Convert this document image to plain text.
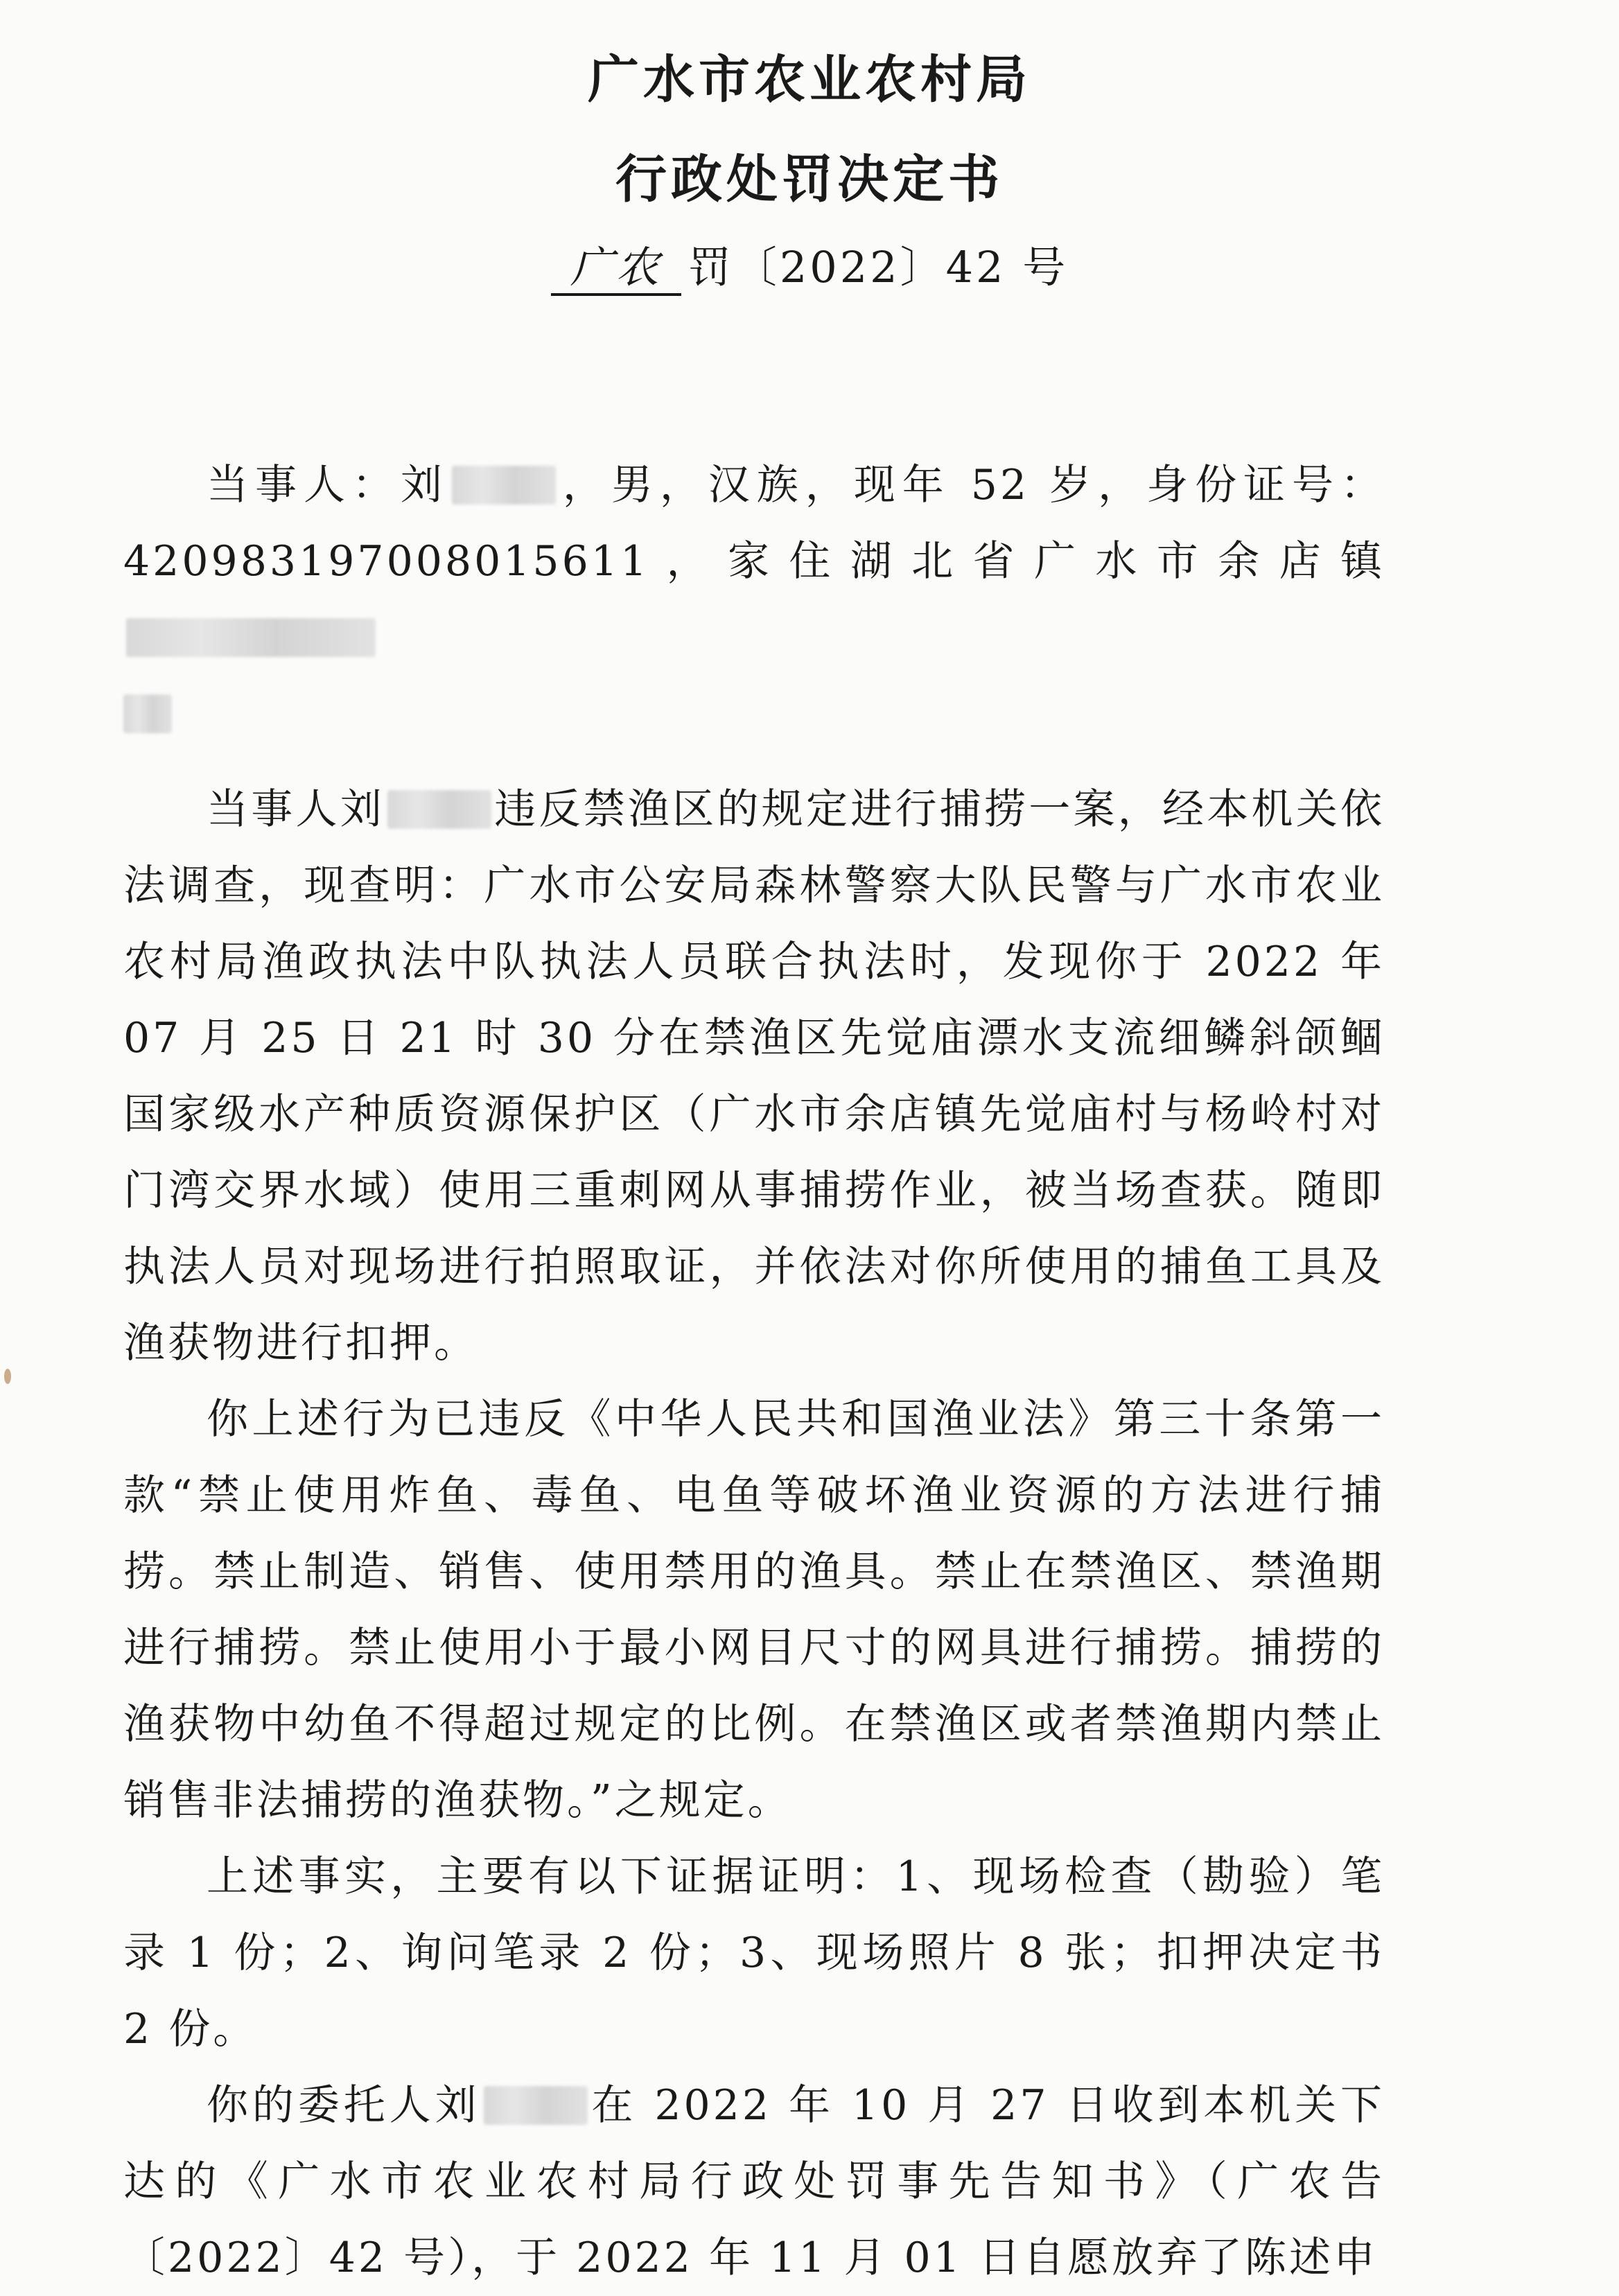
广水市农业农村局
行政处罚决定书
广农 罚〔2022〕42 号

当事人：刘	，男，汉族，现年 52 岁，身份证号：420983197008015611，家住湖北省广水市余店镇

当事人刘	违反禁渔区的规定进行捕捞一案，经本机关依法调查，现查明：广水市公安局森林警察大队民警与广水市农业农村局渔政执法中队执法人员联合执法时，发现你于 2022 年 07 月 25 日 21 时 30 分在禁渔区先觉庙漂水支流细鳞斜颌鲴国家级水产种质资源保护区（广水市余店镇先觉庙村与杨岭村对门湾交界水域）使用三重刺网从事捕捞作业，被当场查获。随即执法人员对现场进行拍照取证，并依法对你所使用的捕鱼工具及渔获物进行扣押。

你上述行为已违反《中华人民共和国渔业法》第三十条第一款“禁止使用炸鱼、毒鱼、电鱼等破坏渔业资源的方法进行捕捞。禁止制造、销售、使用禁用的渔具。禁止在禁渔区、禁渔期进行捕捞。禁止使用小于最小网目尺寸的网具进行捕捞。捕捞的渔获物中幼鱼不得超过规定的比例。在禁渔区或者禁渔期内禁止销售非法捕捞的渔获物。”之规定。

上述事实，主要有以下证据证明：1、现场检查（勘验）笔录 1 份；2、询问笔录 2 份；3、现场照片 8 张；扣押决定书 2 份。

你的委托人刘	在 2022 年 10 月 27 日收到本机关下达的《广水市农业农村局行政处罚事先告知书》（广农告〔2022〕42 号），于 2022 年 11 月 01 日自愿放弃了陈述申
